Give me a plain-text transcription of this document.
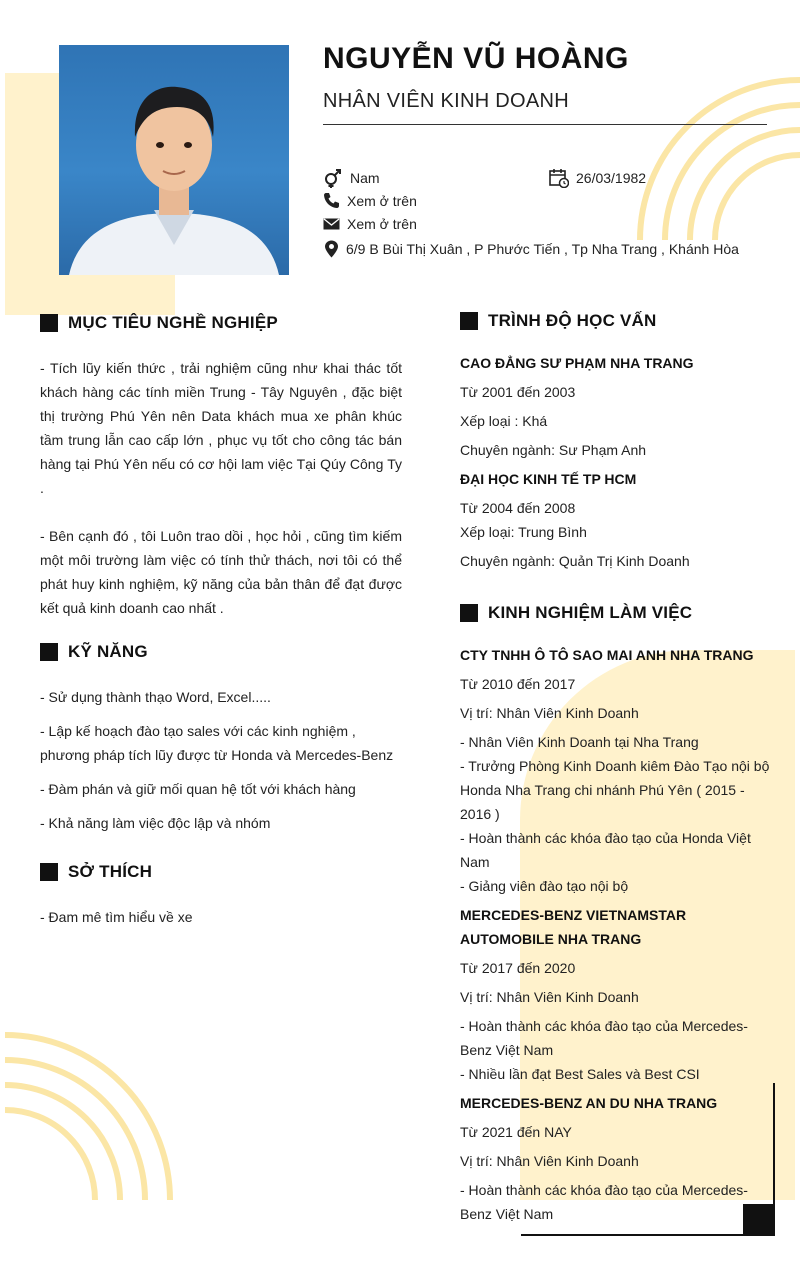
NGUYỄN VŨ HOÀNG
NHÂN VIÊN KINH DOANH
Nam	26/03/1982
Xem ở trên
Xem ở trên
6/9 B Bùi Thị Xuân , P Phước Tiến , Tp Nha Trang , Khánh Hòa
MỤC TIÊU NGHỀ NGHIỆP

- Tích lũy kiến thức , trải nghiệm cũng như khai thác tốt khách hàng các tính miền Trung - Tây Nguyên , đặc biệt thị trường Phú Yên nên Data khách mua xe phân khúc tầm trung lẫn cao cấp lớn , phục vụ tốt cho công tác bán hàng tại Phú Yên nếu có cơ hội lam việc Tại Qúy Công Ty .

- Bên cạnh đó , tôi Luôn trao dồi , học hỏi , cũng tìm kiếm một môi trường làm việc có tính thử thách, nơi tôi có thể phát huy kinh nghiệm, kỹ năng của bản thân để đạt được kết quả kinh doanh cao nhất .

KỸ NĂNG

- Sử dụng thành thạo Word, Excel.....

- Lập kế hoạch đào tạo sales với các kinh nghiệm , phương pháp tích lũy được từ Honda và Mercedes-Benz

- Đàm phán và giữ mối quan hệ tốt với khách hàng

- Khả năng làm việc độc lập và nhóm

SỞ THÍCH
- Đam mê tìm hiểu về xe
TRÌNH ĐỘ HỌC VẤN
CAO ĐẲNG SƯ PHẠM NHA TRANG
Từ 2001 đến 2003
Xếp loại : Khá
Chuyên ngành: Sư Phạm Anh
ĐẠI HỌC KINH TẾ TP HCM
Từ 2004 đến 2008
Xếp loại: Trung Bình
Chuyên ngành: Quản Trị Kinh Doanh
KINH NGHIỆM LÀM VIỆC
CTY TNHH Ô TÔ SAO MAI ANH NHA TRANG
Từ 2010 đến 2017
Vị trí: Nhân Viên Kinh Doanh
- Nhân Viên Kinh Doanh tại Nha Trang
- Trưởng Phòng Kinh Doanh kiêm Đào Tạo nội bộ Honda Nha Trang chi nhánh Phú Yên ( 2015 - 2016 )
- Hoàn thành các khóa đào tạo của Honda Việt Nam
- Giảng viên đào tạo nội bộ
MERCEDES-BENZ VIETNAMSTAR AUTOMOBILE NHA TRANG
Từ 2017 đến 2020
Vị trí: Nhân Viên Kinh Doanh
- Hoàn thành các khóa đào tạo của Mercedes-Benz Việt Nam
- Nhiều lần đạt Best Sales và Best CSI
MERCEDES-BENZ AN DU NHA TRANG
Từ 2021 đến NAY
Vị trí: Nhân Viên Kinh Doanh
- Hoàn thành các khóa đào tạo của Mercedes-Benz Việt Nam
